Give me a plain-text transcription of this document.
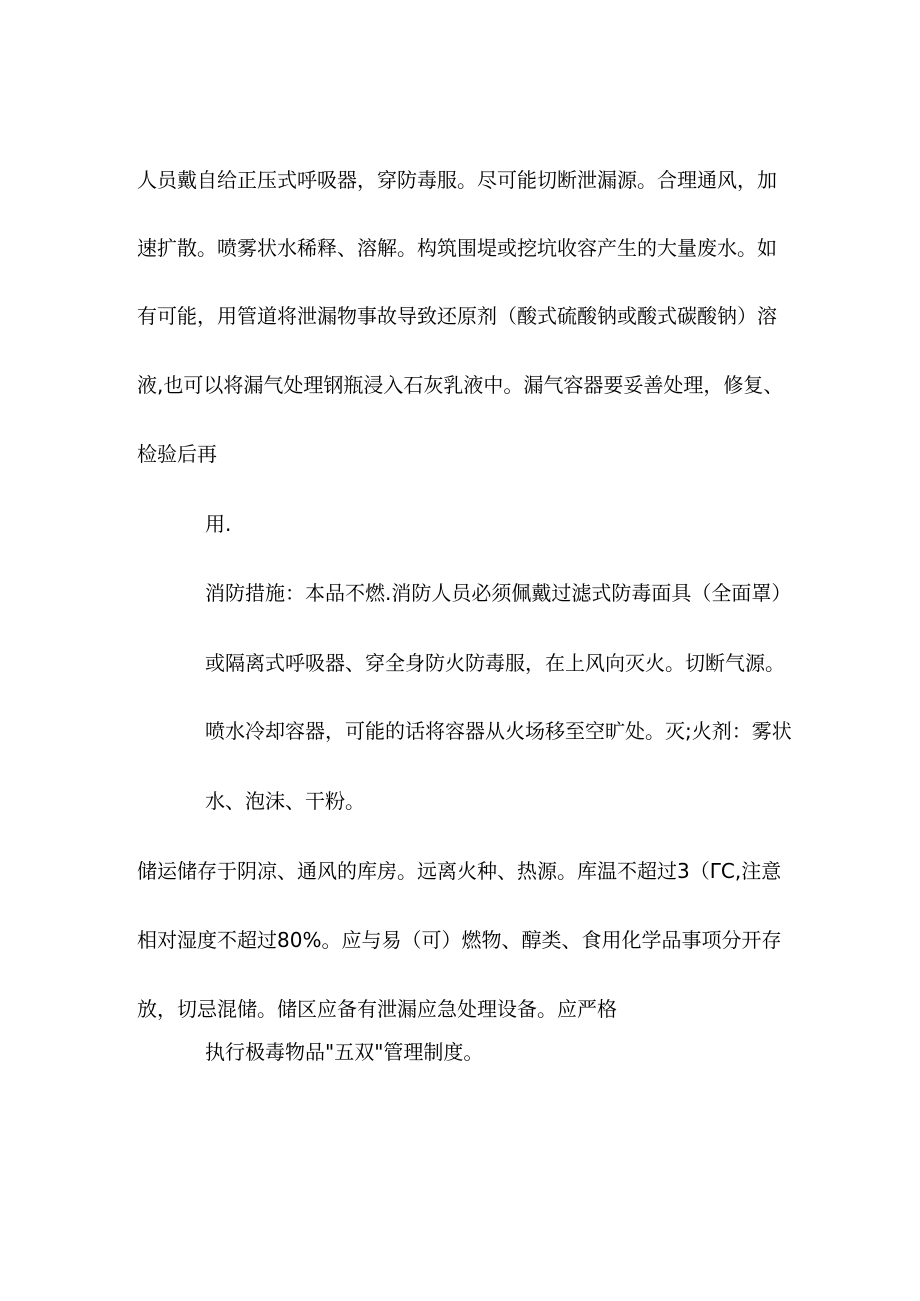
人员戴自给正压式呼吸器，穿防毒服。尽可能切断泄漏源。合理通风，加
速扩散。喷雾状水稀释、溶解。构筑围堤或挖坑收容产生的大量废水。如
有可能，用管道将泄漏物事故导致还原剂（酸式硫酸钠或酸式碳酸钠）溶
液,也可以将漏气处理钢瓶浸入石灰乳液中。漏气容器要妥善处理，修复、
检验后再
用.
消防措施：本品不燃.消防人员必须佩戴过滤式防毒面具（全面罩）
或隔离式呼吸器、穿全身防火防毒服，在上风向灭火。切断气源。
喷水冷却容器，可能的话将容器从火场移至空旷处。灭;火剂：雾状
水、泡沫、干粉。
储运储存于阴凉、通风的库房。远离火种、热源。库温不超过3（ΓC,注意
相对湿度不超过80%。应与易（可）燃物、醇类、食用化学品事项分开存
放，切忌混储。储区应备有泄漏应急处理设备。应严格
执行极毒物品"五双"管理制度。
